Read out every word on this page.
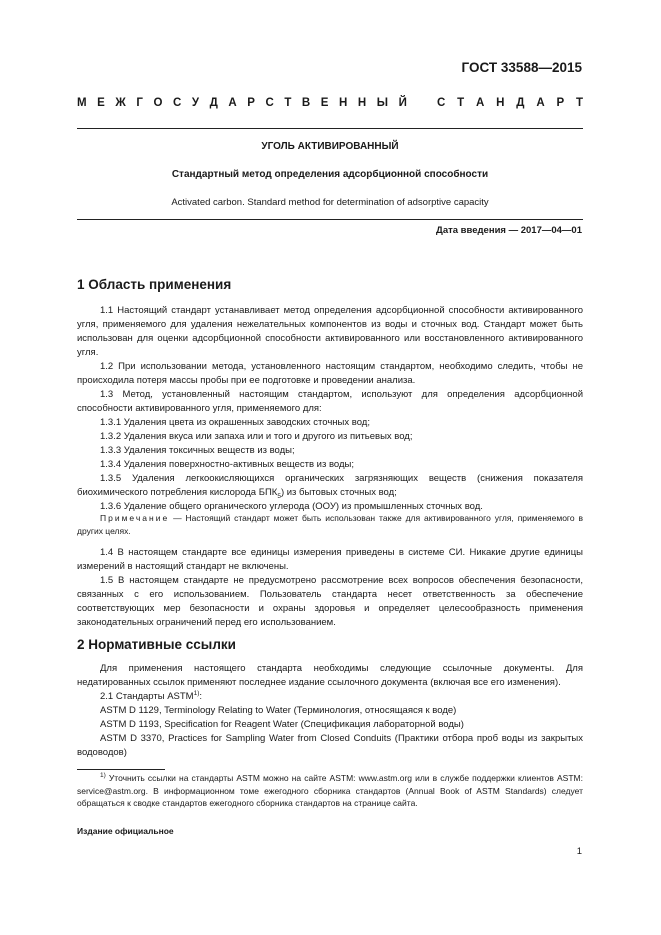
ГОСТ 33588—2015
М Е Ж Г О С У Д А Р С Т В Е Н Н Ы Й	С Т А Н Д А Р Т
УГОЛЬ АКТИВИРОВАННЫЙ
Стандартный метод определения адсорбционной способности
Activated carbon. Standard method for determination of adsorptive capacity
Дата введения — 2017—04—01
1 Область применения

1.1 Настоящий стандарт устанавливает метод определения адсорбционной способности активированного угля, применяемого для удаления нежелательных компонентов из воды и сточных вод. Стандарт может быть использован для оценки адсорбционной способности активированного или восстановленного активированного угля.

1.2 При использовании метода, установленного настоящим стандартом, необходимо следить, чтобы не происходила потеря массы пробы при ее подготовке и проведении анализа.

1.3 Метод, установленный настоящим стандартом, используют для определения адсорбционной способности активированного угля, применяемого для:

1.3.1 Удаления цвета из окрашенных заводских сточных вод;

1.3.2 Удаления вкуса или запаха или и того и другого из питьевых вод;

1.3.3 Удаления токсичных веществ из воды;

1.3.4 Удаления поверхностно-активных веществ из воды;

1.3.5 Удаления легкоокисляющихся органических загрязняющих веществ (снижения показателя биохимического потребления кислорода $БПК_5$) из бытовых сточных вод;

1.3.6 Удаление общего органического углерода (ООУ) из промышленных сточных вод.

Примечание — Настоящий стандарт может быть использован также для активированного угля, применяемого в других целях.

1.4 В настоящем стандарте все единицы измерения приведены в системе СИ. Никакие другие единицы измерений в настоящий стандарт не включены.

1.5 В настоящем стандарте не предусмотрено рассмотрение всех вопросов обеспечения безопасности, связанных с его использованием. Пользователь стандарта несет ответственность за обеспечение соответствующих мер безопасности и охраны здоровья и определяет целесообразность применения законодательных ограничений перед его использованием.

2 Нормативные ссылки

Для применения настоящего стандарта необходимы следующие ссылочные документы. Для недатированных ссылок применяют последнее издание ссылочного документа (включая все его изменения).

2.1 Стандарты ASTM$^{1)}$:

ASTM D 1129, Terminology Relating to Water (Терминология, относящаяся к воде)

ASTM D 1193, Specification for Reagent Water (Спецификация лабораторной воды)

ASTM D 3370, Practices for Sampling Water from Closed Conduits (Практики отбора проб воды из закрытых водоводов)

$^{1)}$ Уточнить ссылки на стандарты ASTM можно на сайте ASTM: www.astm.org или в службе поддержки клиентов ASTM: service@astm.org. В информационном томе ежегодного сборника стандартов (Annual Book of ASTM Standards) следует обращаться к сводке стандартов ежегодного сборника стандартов на странице сайта.
Издание официальное
1
